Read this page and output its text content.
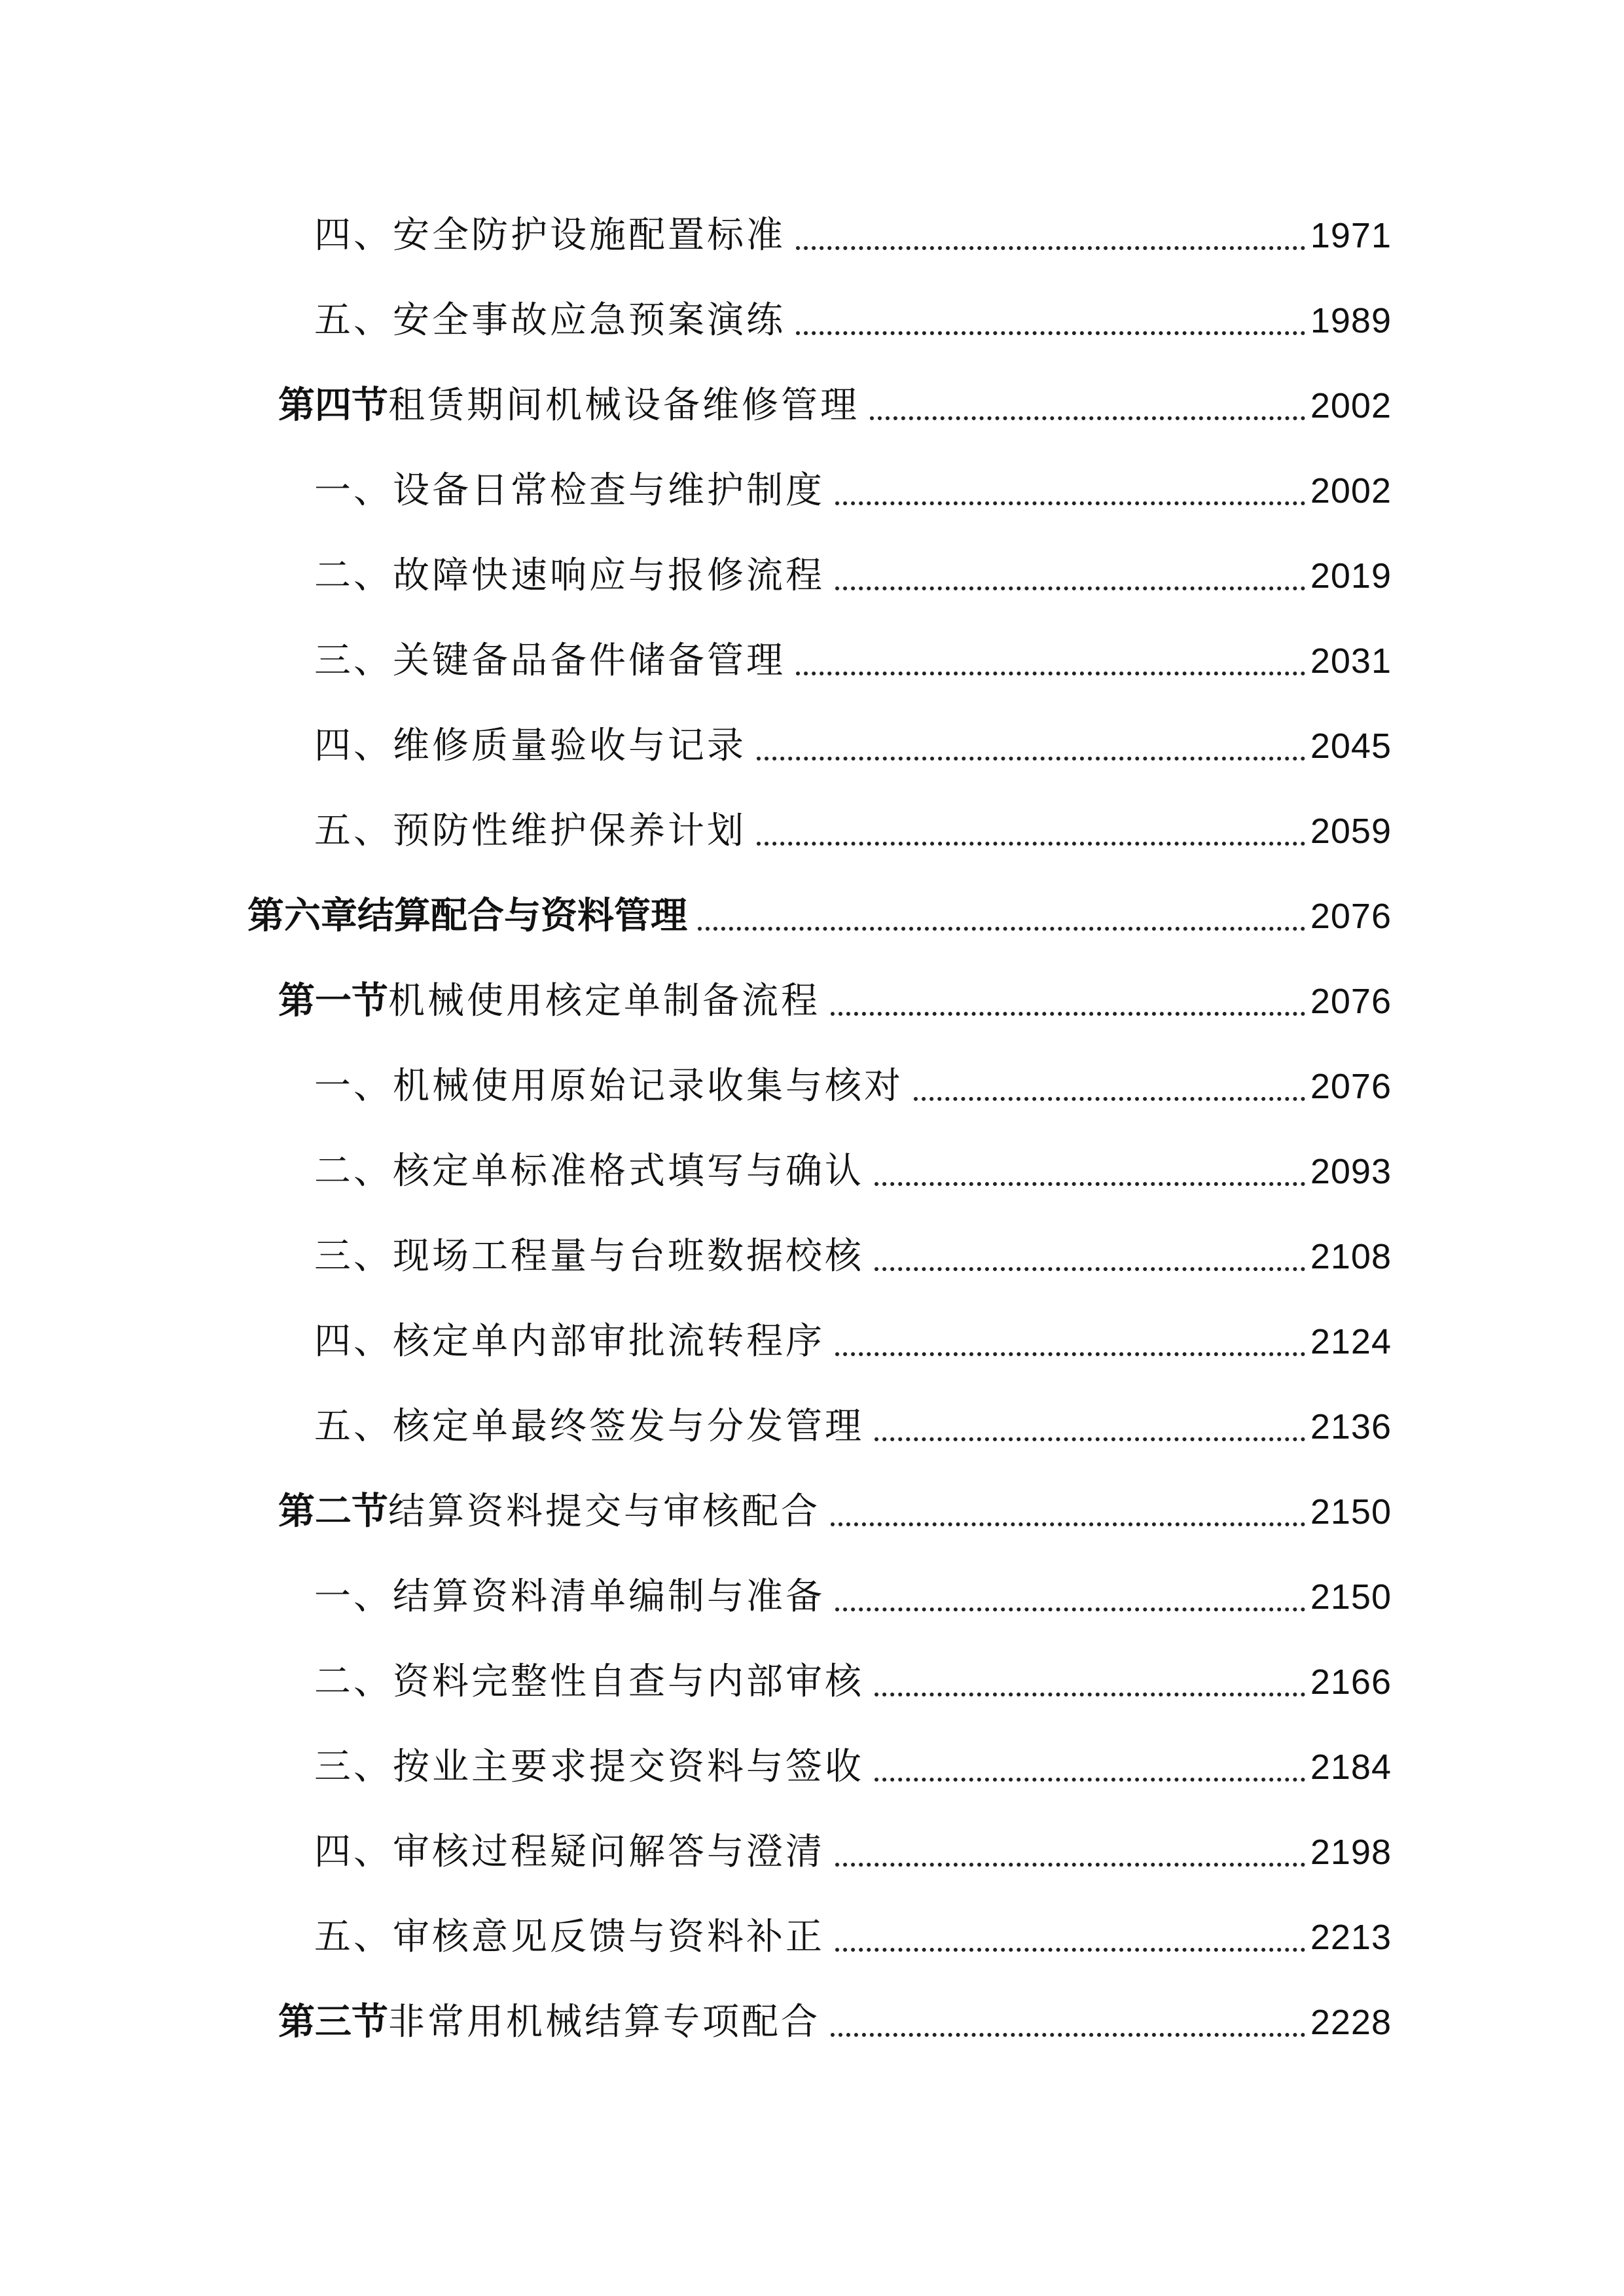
四、安全防护设施配置标准	1971
五、安全事故应急预案演练	1989
第四节 租赁期间机械设备维修管理	2002
一、设备日常检查与维护制度	2002
二、故障快速响应与报修流程	2019
三、关键备品备件储备管理	2031
四、维修质量验收与记录	2045
五、预防性维护保养计划	2059
第六章结算配合与资料管理	2076
第一节 机械使用核定单制备流程	2076
一、机械使用原始记录收集与核对	2076
二、核定单标准格式填写与确认	2093
三、现场工程量与台班数据校核	2108
四、核定单内部审批流转程序	2124
五、核定单最终签发与分发管理	2136
第二节 结算资料提交与审核配合	2150
一、结算资料清单编制与准备	2150
二、资料完整性自查与内部审核	2166
三、按业主要求提交资料与签收	2184
四、审核过程疑问解答与澄清	2198
五、审核意见反馈与资料补正	2213
第三节 非常用机械结算专项配合	2228
